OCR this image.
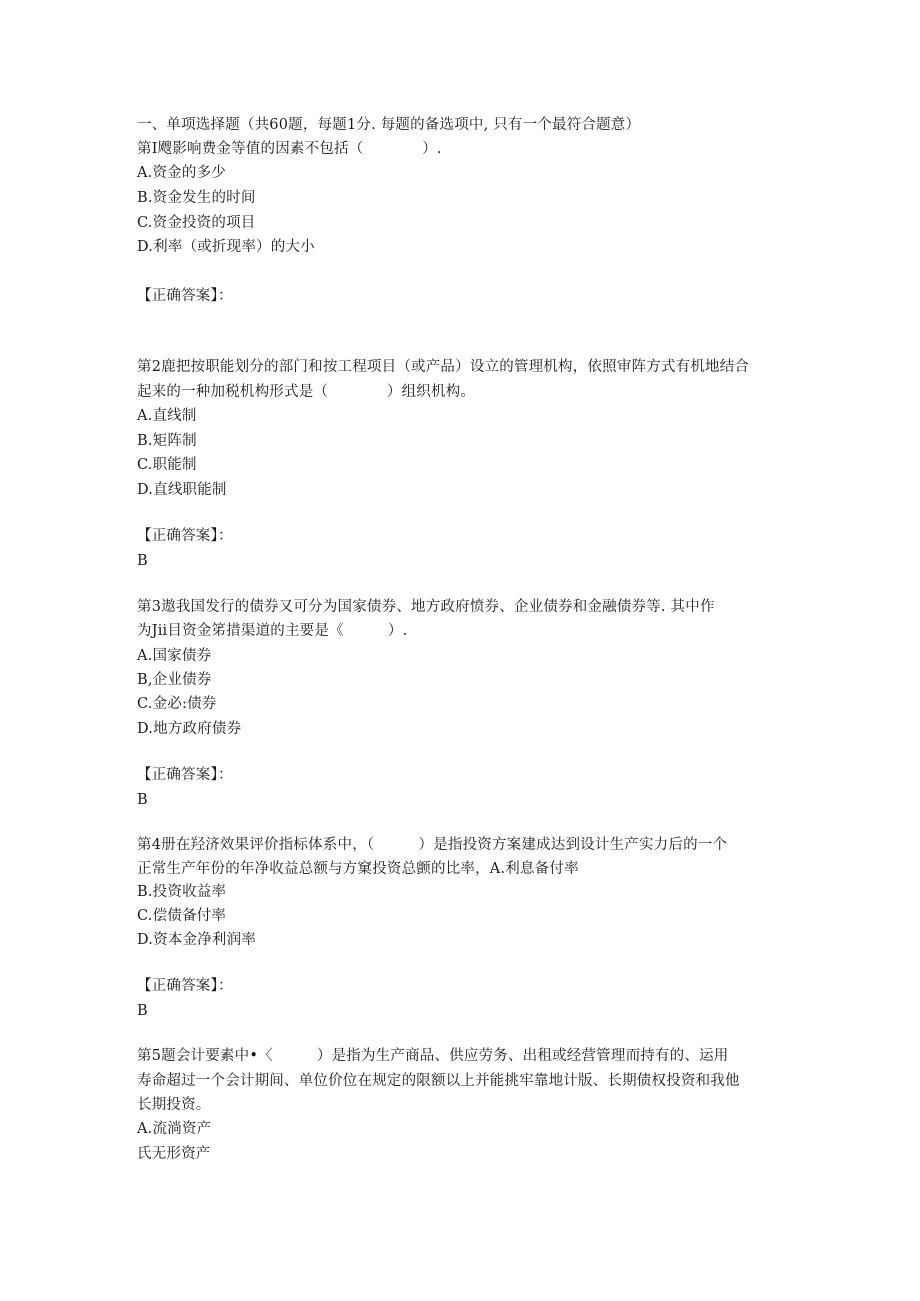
一、单项选择题（共60题，每题1分. 每题的备选项中, 只有一个最符合题意）
第I飕影响费金等值的因素不包括（　　　　）.
A.资金的多少
B.资金发生的时间
C.资金投资的项目
D.利率（或折现率）的大小
【正确答案】：
第2鹿把按职能划分的部门和按工程项目（或产品）设立的管理机构，依照审阵方式有机地结合
起来的一种加税机构形式是（　　　　）组织机构。
A.直线制
B.矩阵制
C.职能制
D.直线职能制
【正确答案】：
B
第3遨我国发行的债券又可分为国家债券、地方政府愤券、企业债券和金融债券等. 其中作
为Jii目资金笫措渠道的主要是《　　　）.
A.国家债券
B,企业债券
C.金必:债券
D.地方政府债券
【正确答案】：
B
第4册在羟济效果评价指标体系中，（　　　）是指投资方案建成达到设计生产实力后的一个
正常生产年份的年净收益总额与方窠投资总颤的比率，A.利息备付率
B.投资收益率
C.偿债备付率
D.资本金净利润率
【正确答案】：
B
第5题会计要素中•〈　　　）是指为生产商品、供应劳务、出租或经营管理而持有的、运用
寿命超过一个会计期间、单位价位在规定的限额以上并能挑牢靠地计版、长期债权投资和我他
长期投资。
A.流淌资产
氏无形资产
